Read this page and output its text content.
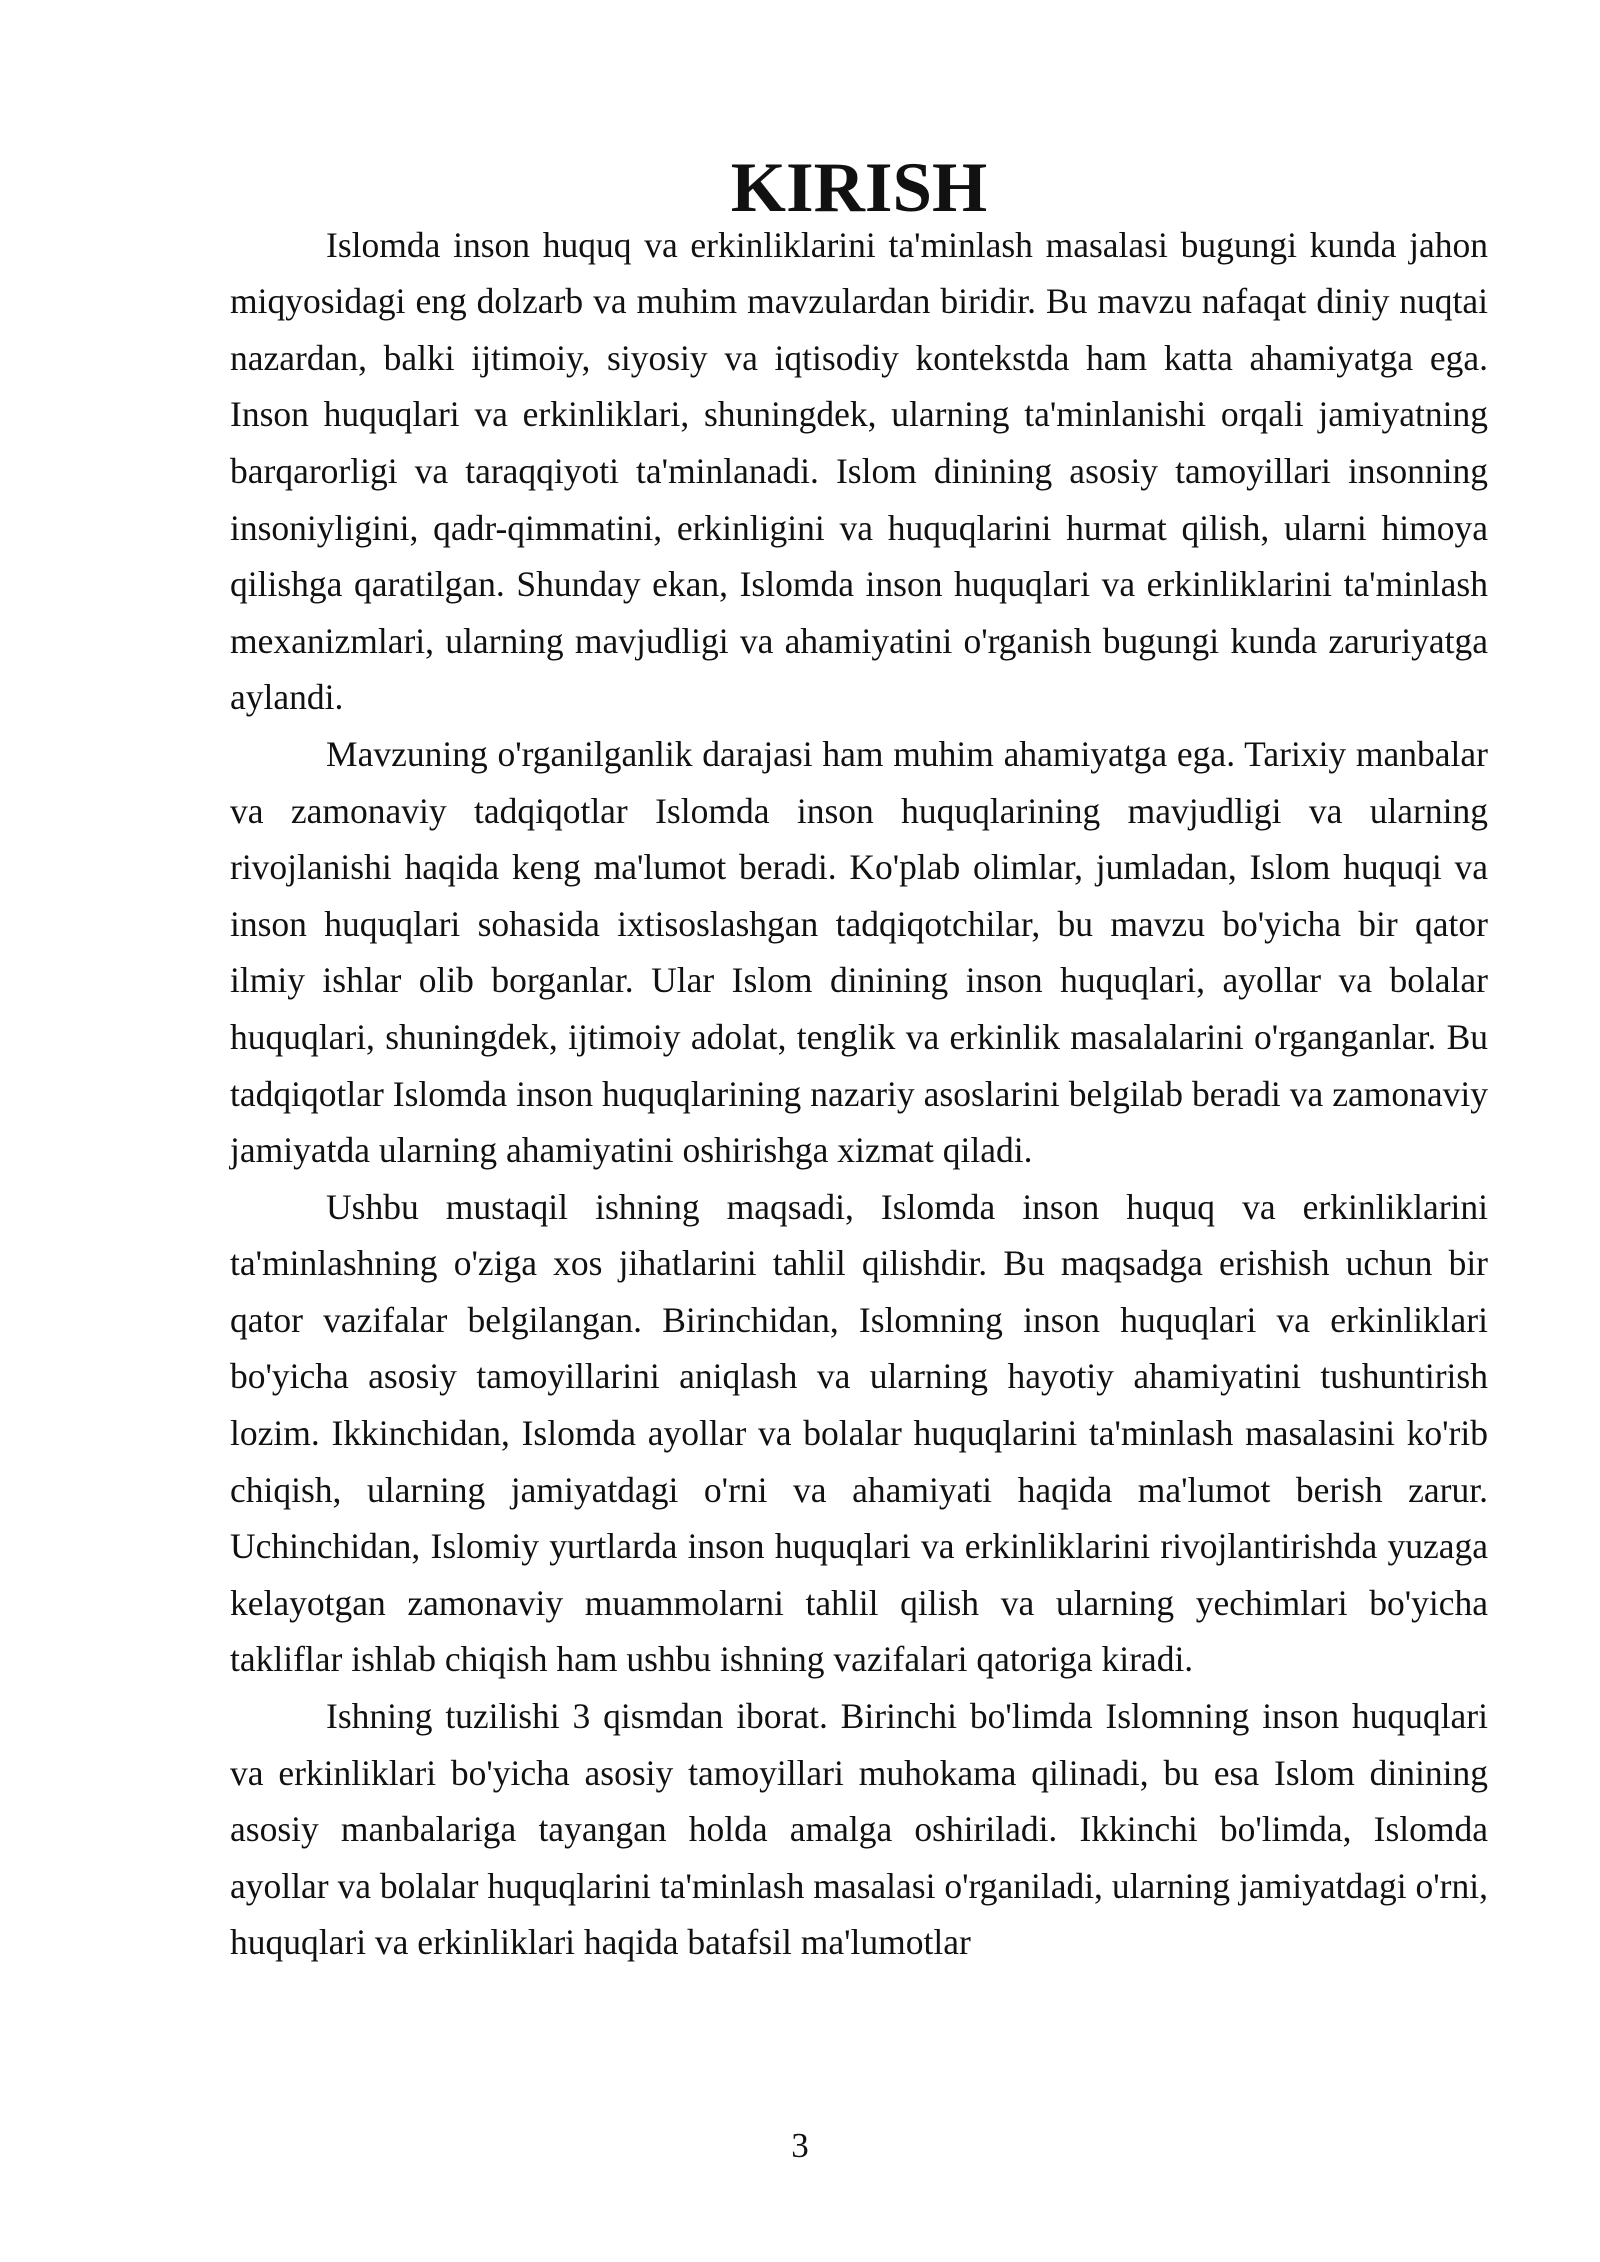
KIRISH

Islomda inson huquq va erkinliklarini ta'minlash masalasi bugungi kunda jahon miqyosidagi eng dolzarb va muhim mavzulardan biridir. Bu mavzu nafaqat diniy nuqtai nazardan, balki ijtimoiy, siyosiy va iqtisodiy kontekstda ham katta ahamiyatga ega. Inson huquqlari va erkinliklari, shuningdek, ularning ta'minlanishi orqali jamiyatning barqarorligi va taraqqiyoti ta'minlanadi. Islom dinining asosiy tamoyillari insonning insoniyligini, qadr-qimmatini, erkinligini va huquqlarini hurmat qilish, ularni himoya qilishga qaratilgan. Shunday ekan, Islomda inson huquqlari va erkinliklarini ta'minlash mexanizmlari, ularning mavjudligi va ahamiyatini o'rganish bugungi kunda zaruriyatga aylandi.

Mavzuning o'rganilganlik darajasi ham muhim ahamiyatga ega. Tarixiy manbalar va zamonaviy tadqiqotlar Islomda inson huquqlarining mavjudligi va ularning rivojlanishi haqida keng ma'lumot beradi. Ko'plab olimlar, jumladan, Islom huquqi va inson huquqlari sohasida ixtisoslashgan tadqiqotchilar, bu mavzu bo'yicha bir qator ilmiy ishlar olib borganlar. Ular Islom dinining inson huquqlari, ayollar va bolalar huquqlari, shuningdek, ijtimoiy adolat, tenglik va erkinlik masalalarini o'rganganlar. Bu tadqiqotlar Islomda inson huquqlarining nazariy asoslarini belgilab beradi va zamonaviy jamiyatda ularning ahamiyatini oshirishga xizmat qiladi.

Ushbu mustaqil ishning maqsadi, Islomda inson huquq va erkinliklarini ta'minlashning o'ziga xos jihatlarini tahlil qilishdir. Bu maqsadga erishish uchun bir qator vazifalar belgilangan. Birinchidan, Islomning inson huquqlari va erkinliklari bo'yicha asosiy tamoyillarini aniqlash va ularning hayotiy ahamiyatini tushuntirish lozim. Ikkinchidan, Islomda ayollar va bolalar huquqlarini ta'minlash masalasini ko'rib chiqish, ularning jamiyatdagi o'rni va ahamiyati haqida ma'lumot berish zarur. Uchinchidan, Islomiy yurtlarda inson huquqlari va erkinliklarini rivojlantirishda yuzaga kelayotgan zamonaviy muammolarni tahlil qilish va ularning yechimlari bo'yicha takliflar ishlab chiqish ham ushbu ishning vazifalari qatoriga kiradi.

Ishning tuzilishi 3 qismdan iborat. Birinchi bo'limda Islomning inson huquqlari va erkinliklari bo'yicha asosiy tamoyillari muhokama qilinadi, bu esa Islom dinining asosiy manbalariga tayangan holda amalga oshiriladi. Ikkinchi bo'limda, Islomda ayollar va bolalar huquqlarini ta'minlash masalasi o'rganiladi, ularning jamiyatdagi o'rni, huquqlari va erkinliklari haqida batafsil ma'lumotlar

3
